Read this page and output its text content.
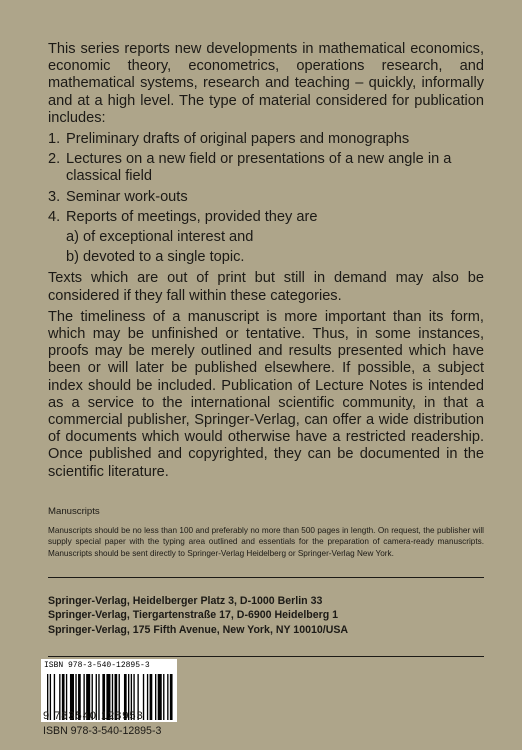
This series reports new developments in mathematical economics, economic theory, econometrics, operations research, and mathematical systems, research and teaching – quickly, informally and at a high level. The type of material considered for publication includes:

1. Preliminary drafts of original papers and monographs

2. Lectures on a new field or presentations of a new angle in a classical field

3. Seminar work-outs

4. Reports of meetings, provided they are

a) of exceptional interest and

b) devoted to a single topic.

Texts which are out of print but still in demand may also be considered if they fall within these categories.

The timeliness of a manuscript is more important than its form, which may be unfinished or tentative. Thus, in some instances, proofs may be merely outlined and results presented which have been or will later be published elsewhere. If possible, a subject index should be included. Publication of Lecture Notes is intended as a service to the international scientific community, in that a commercial publisher, Springer-Verlag, can offer a wide distribution of documents which would otherwise have a restricted readership. Once published and copyrighted, they can be documented in the scientific literature.

Manuscripts

Manuscripts should be no less than 100 and preferably no more than 500 pages in length. On request, the publisher will supply special paper with the typing area outlined and essentials for the preparation of camera-ready manuscripts. Manuscripts should be sent directly to Springer-Verlag Heidelberg or Springer-Verlag New York.

Springer-Verlag, Heidelberger Platz 3, D-1000 Berlin 33
Springer-Verlag, Tiergartenstraße 17, D-6900 Heidelberg 1
Springer-Verlag, 175 Fifth Avenue, New York, NY 10010/USA
ISBN 978-3-540-12895-3
9 783540 128953
ISBN 978-3-540-12895-3
